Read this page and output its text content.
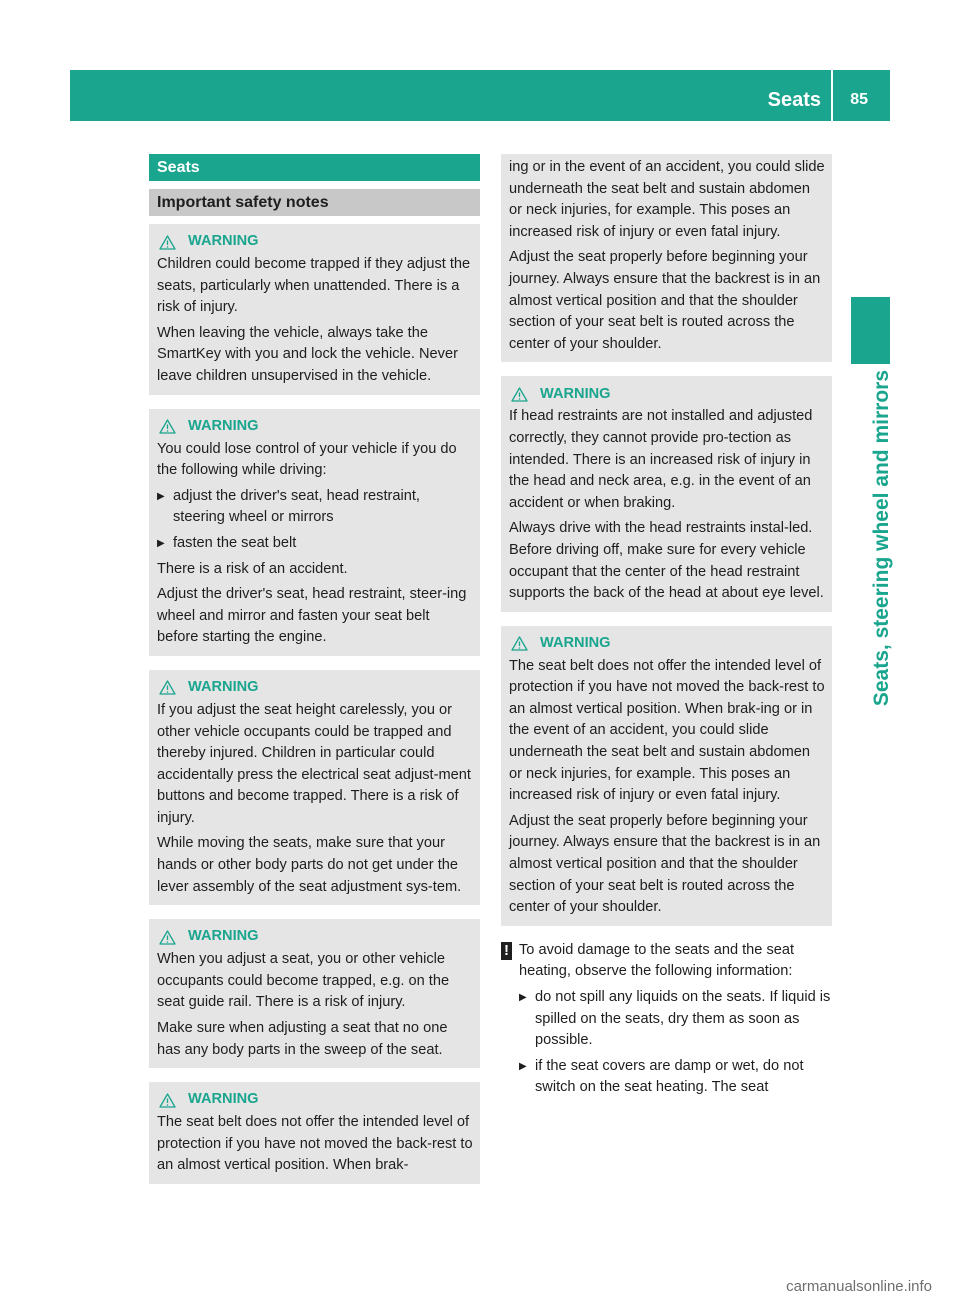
Seats 85
Seats, steering wheel and mirrors
Seats
Important safety notes
WARNING

Children could become trapped if they adjust the seats, particularly when unattended. There is a risk of injury.

When leaving the vehicle, always take the SmartKey with you and lock the vehicle. Never leave children unsupervised in the vehicle.

WARNING

You could lose control of your vehicle if you do the following while driving:

▶ adjust the driver's seat, head restraint, steering wheel or mirrors
▶ fasten the seat belt

There is a risk of an accident.

Adjust the driver's seat, head restraint, steer-ing wheel and mirror and fasten your seat belt before starting the engine.

WARNING

If you adjust the seat height carelessly, you or other vehicle occupants could be trapped and thereby injured. Children in particular could accidentally press the electrical seat adjust-ment buttons and become trapped. There is a risk of injury.

While moving the seats, make sure that your hands or other body parts do not get under the lever assembly of the seat adjustment sys-tem.

WARNING

When you adjust a seat, you or other vehicle occupants could become trapped, e.g. on the seat guide rail. There is a risk of injury.

Make sure when adjusting a seat that no one has any body parts in the sweep of the seat.

WARNING

The seat belt does not offer the intended level of protection if you have not moved the back-rest to an almost vertical position. When brak-

ing or in the event of an accident, you could slide underneath the seat belt and sustain abdomen or neck injuries, for example. This poses an increased risk of injury or even fatal injury.

Adjust the seat properly before beginning your journey. Always ensure that the backrest is in an almost vertical position and that the shoulder section of your seat belt is routed across the center of your shoulder.

WARNING

If head restraints are not installed and adjusted correctly, they cannot provide pro-tection as intended. There is an increased risk of injury in the head and neck area, e.g. in the event of an accident or when braking.

Always drive with the head restraints instal-led. Before driving off, make sure for every vehicle occupant that the center of the head restraint supports the back of the head at about eye level.

WARNING

The seat belt does not offer the intended level of protection if you have not moved the back-rest to an almost vertical position. When brak-ing or in the event of an accident, you could slide underneath the seat belt and sustain abdomen or neck injuries, for example. This poses an increased risk of injury or even fatal injury.

Adjust the seat properly before beginning your journey. Always ensure that the backrest is in an almost vertical position and that the shoulder section of your seat belt is routed across the center of your shoulder.

! To avoid damage to the seats and the seat heating, observe the following information:

▶ do not spill any liquids on the seats. If liquid is spilled on the seats, dry them as soon as possible.
▶ if the seat covers are damp or wet, do not switch on the seat heating. The seat
carmanualsonline.info
